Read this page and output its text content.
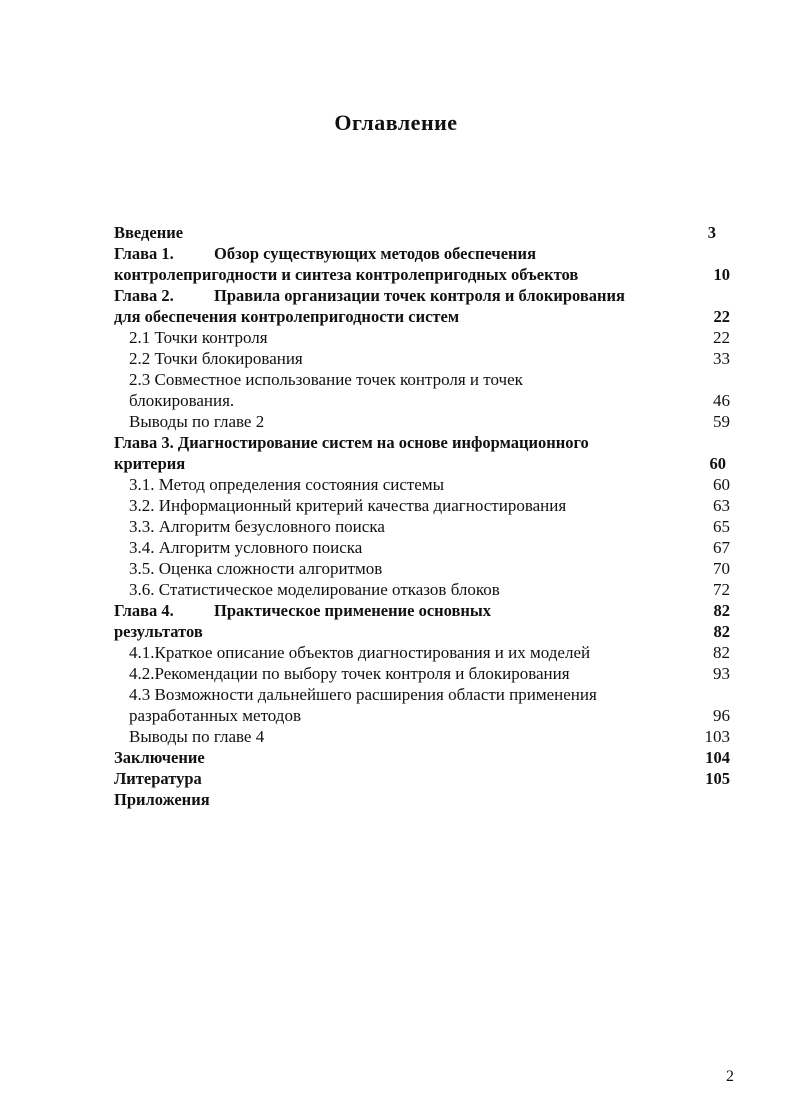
Оглавление
Введение	3
Глава 1. Обзор существующих методов обеспечения
контролепригодности и синтеза контролепригодных объектов	10
Глава 2. Правила организации точек контроля и блокирования
для обеспечения контролепригодности систем	22
2.1 Точки контроля	22
2.2 Точки блокирования	33
2.3 Совместное использование точек контроля и точек
блокирования.	46
Выводы по главе 2	59
Глава 3. Диагностирование систем на основе информационного
критерия	60
3.1. Метод определения состояния системы	60
3.2. Информационный критерий качества диагностирования	63
3.3. Алгоритм безусловного поиска	65
3.4. Алгоритм условного поиска	67
3.5. Оценка сложности алгоритмов	70
3.6. Статистическое моделирование отказов блоков	72
Глава 4. Практическое применение основных	82
результатов	82
4.1.Краткое описание объектов диагностирования и их моделей	82
4.2.Рекомендации по выбору точек контроля и блокирования	93
4.3 Возможности дальнейшего расширения области применения
разработанных методов	96
Выводы по главе 4	103
Заключение	104
Литература	105
Приложения
2
